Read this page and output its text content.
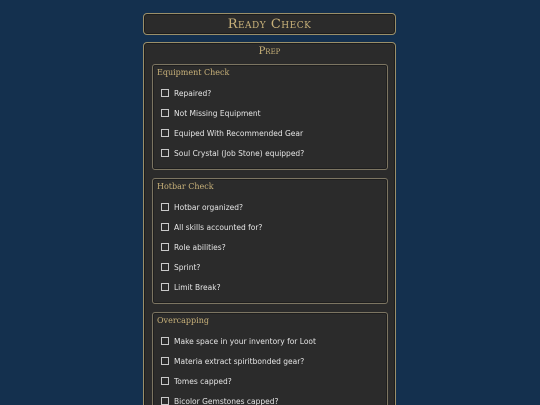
Ready Check
Prep
Equipment Check
Repaired?
Not Missing Equipment
Equiped With Recommended Gear
Soul Crystal (Job Stone) equipped?
Hotbar Check
Hotbar organized?
All skills accounted for?
Role abilities?
Sprint?
Limit Break?
Overcapping
Make space in your inventory for Loot
Materia extract spiritbonded gear?
Tomes capped?
Bicolor Gemstones capped?
